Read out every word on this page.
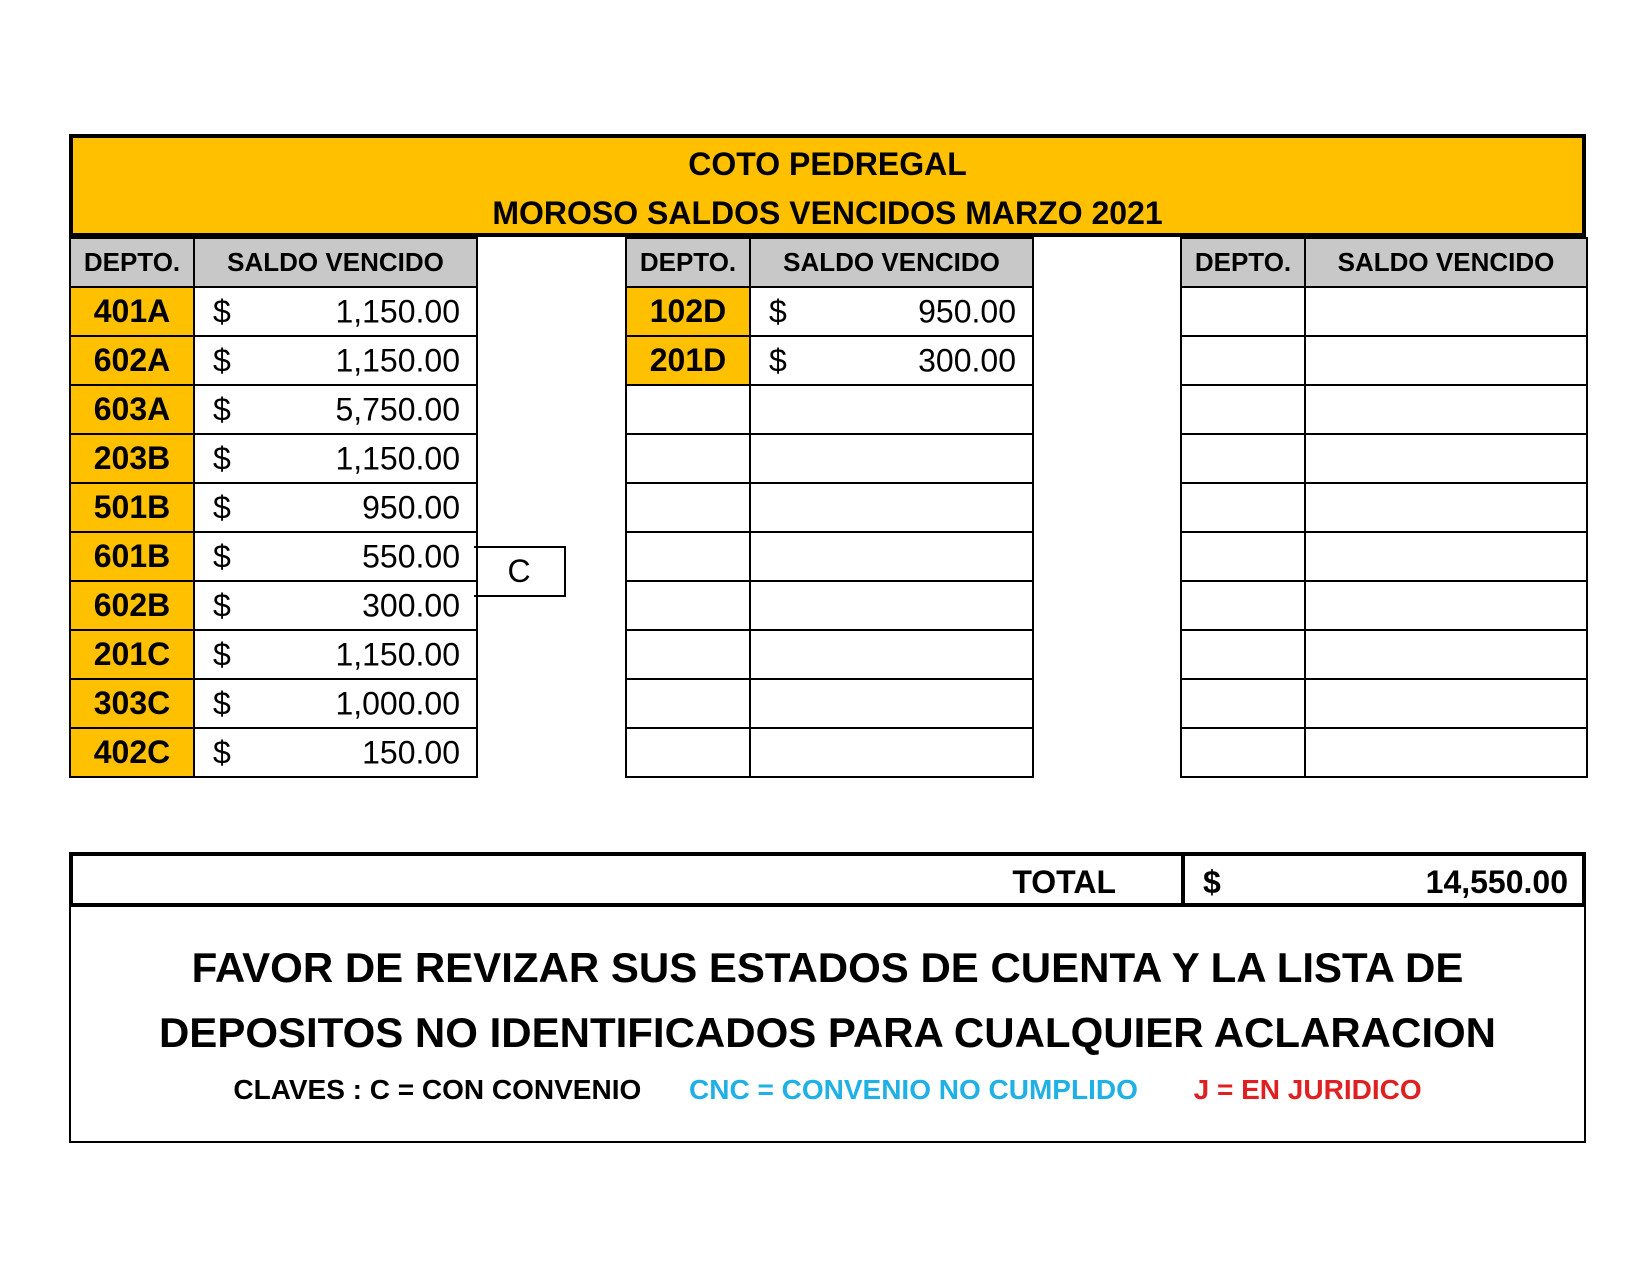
COTO PEDREGAL
MOROSO SALDOS VENCIDOS MARZO 2021
DEPTO.	SALDO VENCIDO
401A	$ 1,150.00

602A	$ 1,150.00

603A	$ 5,750.00

203B	$ 1,150.00

501B	$ 950.00

601B	$ 550.00

602B	$ 300.00

201C	$ 1,150.00

303C	$ 1,000.00

402C	$ 150.00
C
DEPTO.	SALDO VENCIDO
102D	$ 950.00

201D	$ 300.00

DEPTO.	SALDO VENCIDO

TOTAL	$	14,550.00
FAVOR DE REVIZAR SUS ESTADOS DE CUENTA Y LA LISTA DE
DEPOSITOS NO IDENTIFICADOS PARA CUALQUIER ACLARACION
CLAVES : C = CON CONVENIO CNC = CONVENIO NO CUMPLIDO J = EN JURIDICO
